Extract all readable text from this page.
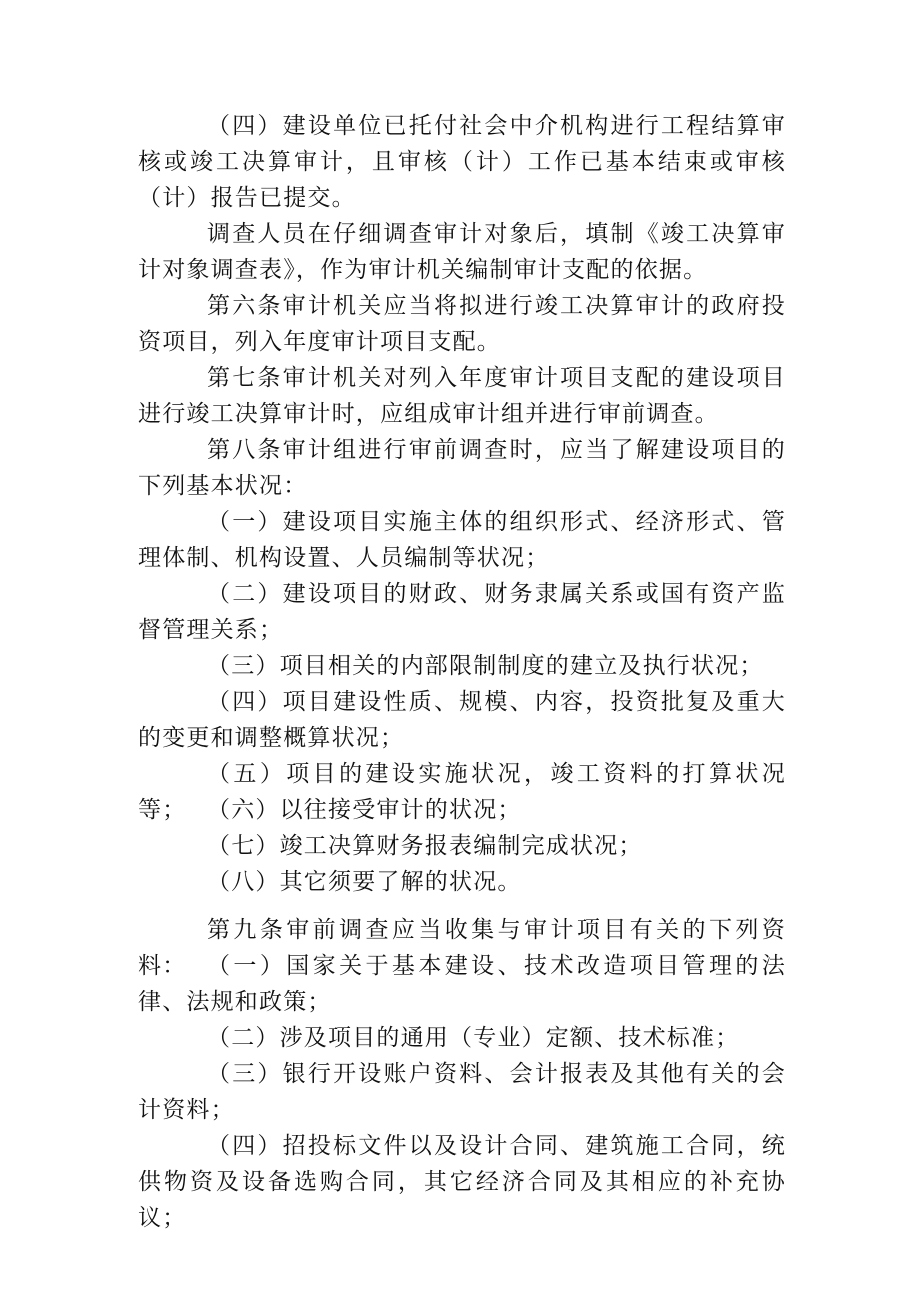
（四）建设单位已托付社会中介机构进行工程结算审核或竣工决算审计，且审核（计）工作已基本结束或审核（计）报告已提交。

调查人员在仔细调查审计对象后，填制《竣工决算审计对象调查表》，作为审计机关编制审计支配的依据。

第六条审计机关应当将拟进行竣工决算审计的政府投资项目，列入年度审计项目支配。

第七条审计机关对列入年度审计项目支配的建设项目进行竣工决算审计时，应组成审计组并进行审前调查。

第八条审计组进行审前调查时，应当了解建设项目的下列基本状况：

（一）建设项目实施主体的组织形式、经济形式、管理体制、机构设置、人员编制等状况；

（二）建设项目的财政、财务隶属关系或国有资产监督管理关系；

（三）项目相关的内部限制制度的建立及执行状况；

（四）项目建设性质、规模、内容，投资批复及重大的变更和调整概算状况；

（五）项目的建设实施状况，竣工资料的打算状况等； （六）以往接受审计的状况；

（七）竣工决算财务报表编制完成状况；

（八）其它须要了解的状况。

第九条审前调查应当收集与审计项目有关的下列资料： （一）国家关于基本建设、技术改造项目管理的法律、法规和政策；

（二）涉及项目的通用（专业）定额、技术标准；

（三）银行开设账户资料、会计报表及其他有关的会计资料；

（四）招投标文件以及设计合同、建筑施工合同，统供物资及设备选购合同，其它经济合同及其相应的补充协议；
